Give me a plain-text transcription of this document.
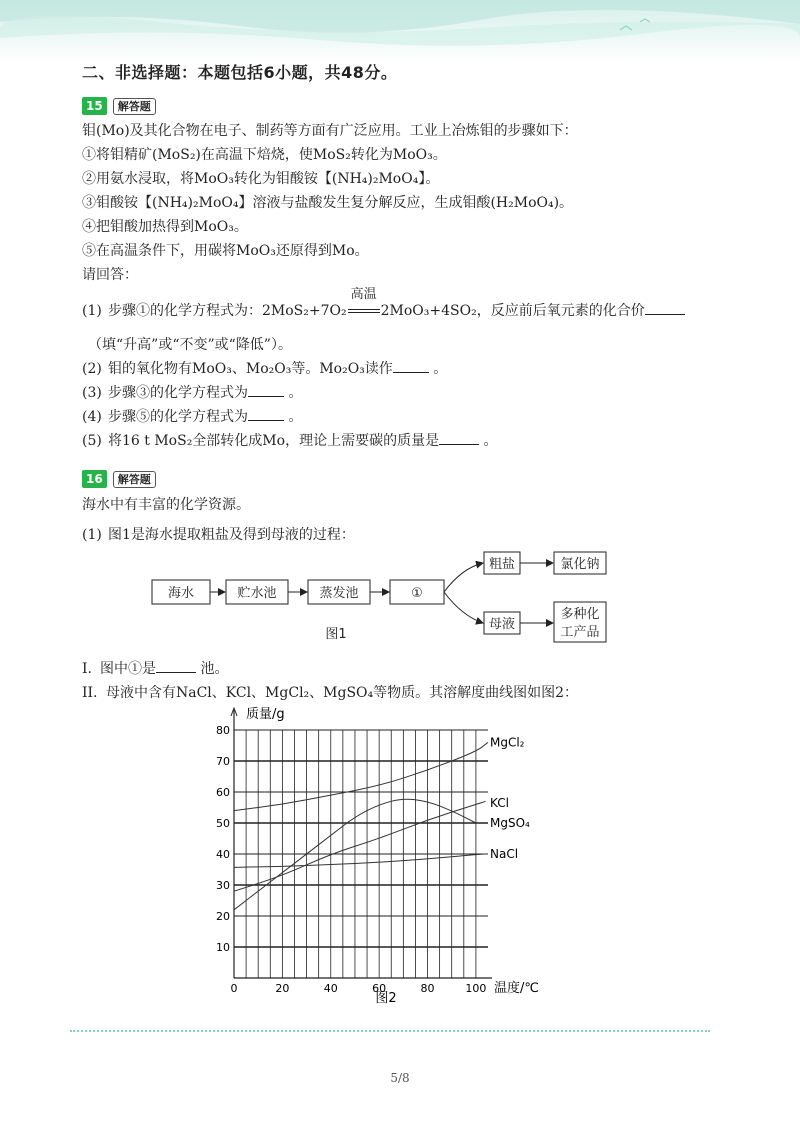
二、非选择题：本题包括6小题，共48分。
15	解答题
钼(Mo)及其化合物在电子、制药等方面有广泛应用。工业上冶炼钼的步骤如下：
①将钼精矿(MoS₂)在高温下焙烧，使MoS₂转化为MoO₃。
②用氨水浸取，将MoO₃转化为钼酸铵【(NH₄)₂MoO₄】。
③钼酸铵【(NH₄)₂MoO₄】溶液与盐酸发生复分解反应，生成钼酸(H₂MoO₄)。
④把钼酸加热得到MoO₃。
⑤在高温条件下，用碳将MoO₃还原得到Mo。
请回答：
(1) 步骤①的化学方程式为：2MoS₂+7O₂
高温
2MoO₃+4SO₂，反应前后氧元素的化合价
（填“升高”或“不变”或“降低”）。
(2) 钼的氧化物有MoO₃、Mo₂O₃等。Mo₂O₃读作	。
(3) 步骤③的化学方程式为	。
(4) 步骤⑤的化学方程式为	。
(5) 将16 t MoS₂全部转化成Mo，理论上需要碳的质量是	。
16	解答题
海水中有丰富的化学资源。
(1) 图1是海水提取粗盐及得到母液的过程：
海水	贮水池	蒸发池	①
粗盐	氯化钠
母液
多种化
工产品
图1
I. 图中①是	池。
II. 母液中含有NaCl、KCl、MgCl₂、MgSO₄等物质。其溶解度曲线图如图2：
10
20
30
40
50
60
70
80
0	20	40	60	80	100
MgCl₂
KCl
MgSO₄
NaCl
质量/g
温度/℃
图2
5/8
